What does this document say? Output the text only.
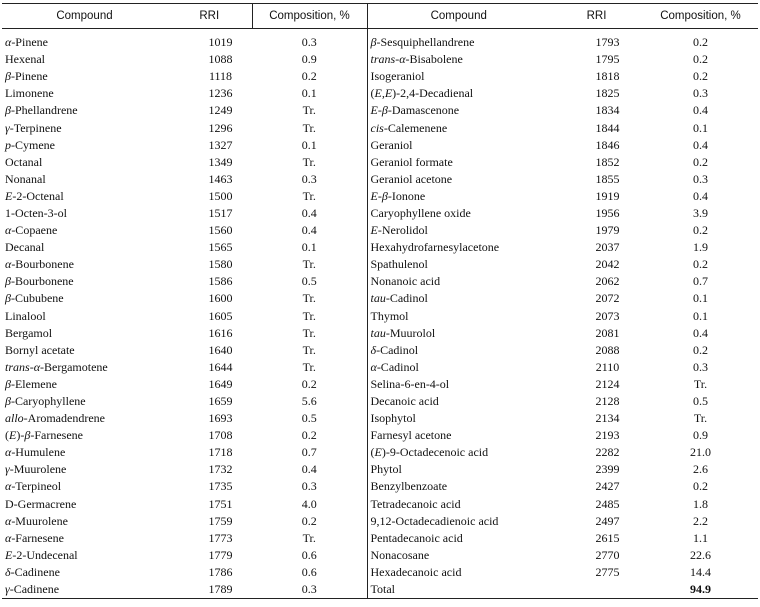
Compound	RRI	Composition, %	Compound	RRI	Composition, %
α-Pinene	1019	0.3	β-Sesquiphellandrene	1793	0.2
Hexenal	1088	0.9	trans-α-Bisabolene	1795	0.2
β-Pinene	1118	0.2	Isogeraniol	1818	0.2
Limonene	1236	0.1	(E,E)-2,4-Decadienal	1825	0.3
β-Phellandrene	1249	Tr.	E-β-Damascenone	1834	0.4
γ-Terpinene	1296	Tr.	cis-Calemenene	1844	0.1
p-Cymene	1327	0.1	Geraniol	1846	0.4
Octanal	1349	Tr.	Geraniol formate	1852	0.2
Nonanal	1463	0.3	Geraniol acetone	1855	0.3
E-2-Octenal	1500	Tr.	E-β-Ionone	1919	0.4
1-Octen-3-ol	1517	0.4	Caryophyllene oxide	1956	3.9
α-Copaene	1560	0.4	E-Nerolidol	1979	0.2
Decanal	1565	0.1	Hexahydrofarnesylacetone	2037	1.9
α-Bourbonene	1580	Tr.	Spathulenol	2042	0.2
β-Bourbonene	1586	0.5	Nonanoic acid	2062	0.7
β-Cububene	1600	Tr.	tau-Cadinol	2072	0.1
Linalool	1605	Tr.	Thymol	2073	0.1
Bergamol	1616	Tr.	tau-Muurolol	2081	0.4
Bornyl acetate	1640	Tr.	δ-Cadinol	2088	0.2
trans-α-Bergamotene	1644	Tr.	α-Cadinol	2110	0.3
β-Elemene	1649	0.2	Selina-6-en-4-ol	2124	Tr.
β-Caryophyllene	1659	5.6	Decanoic acid	2128	0.5
allo-Aromadendrene	1693	0.5	Isophytol	2134	Tr.
(E)-β-Farnesene	1708	0.2	Farnesyl acetone	2193	0.9
α-Humulene	1718	0.7	(E)-9-Octadecenoic acid	2282	21.0
γ-Muurolene	1732	0.4	Phytol	2399	2.6
α-Terpineol	1735	0.3	Benzylbenzoate	2427	0.2
D-Germacrene	1751	4.0	Tetradecanoic acid	2485	1.8
α-Muurolene	1759	0.2	9,12-Octadecadienoic acid	2497	2.2
α-Farnesene	1773	Tr.	Pentadecanoic acid	2615	1.1
E-2-Undecenal	1779	0.6	Nonacosane	2770	22.6
δ-Cadinene	1786	0.6	Hexadecanoic acid	2775	14.4
γ-Cadinene	1789	0.3	Total		94.9
